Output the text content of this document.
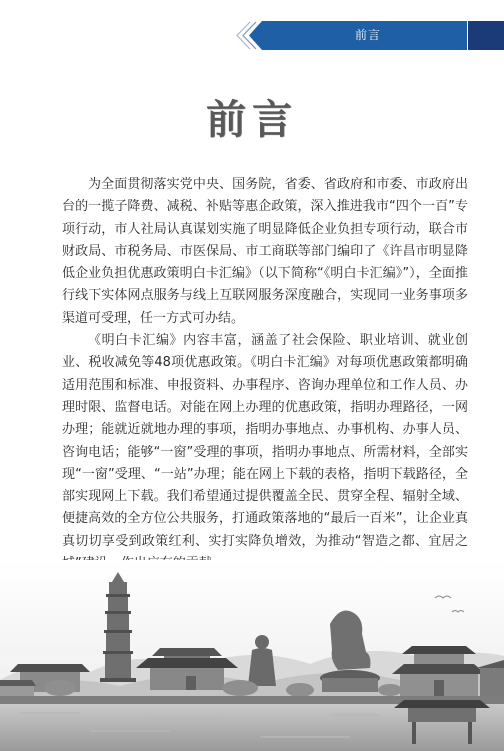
前言
前言

为全面贯彻落实党中央、国务院，省委、省政府和市委、市政府出台的一揽子降费、减税、补贴等惠企政策，深入推进我市“四个一百”专项行动，市人社局认真谋划实施了明显降低企业负担专项行动，联合市财政局、市税务局、市医保局、市工商联等部门编印了《许昌市明显降低企业负担优惠政策明白卡汇编》（以下简称“《明白卡汇编》”），全面推行线下实体网点服务与线上互联网服务深度融合，实现同一业务事项多渠道可受理，任一方式可办结。

《明白卡汇编》内容丰富，涵盖了社会保险、职业培训、就业创业、税收减免等48项优惠政策。《明白卡汇编》对每项优惠政策都明确适用范围和标准、申报资料、办事程序、咨询办理单位和工作人员、办理时限、监督电话。对能在网上办理的优惠政策，指明办理路径，一网办理；能就近就地办理的事项，指明办事地点、办事机构、办事人员、咨询电话；能够“一窗”受理的事项，指明办事地点、所需材料，全部实现“一窗”受理、“一站”办理；能在网上下载的表格，指明下载路径，全部实现网上下载。我们希望通过提供覆盖全民、贯穿全程、辐射全域、便捷高效的全方位公共服务，打通政策落地的“最后一百米”，让企业真真切切享受到政策红利、实打实降负增效，为推动“智造之都、宜居之
